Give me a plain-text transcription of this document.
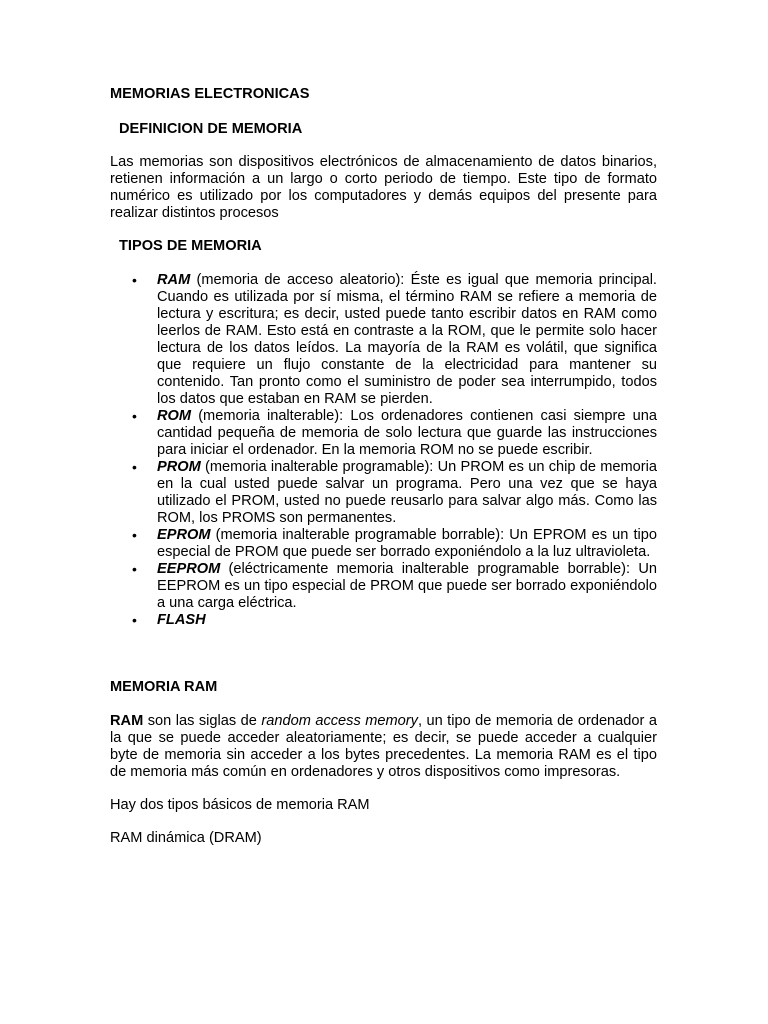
MEMORIAS ELECTRONICAS

DEFINICION DE MEMORIA

Las memorias son dispositivos electrónicos de almacenamiento de datos binarios, retienen información a un largo o corto periodo de tiempo. Este tipo de formato numérico es utilizado por los computadores y demás equipos del presente para realizar distintos procesos

TIPOS DE MEMORIA

• RAM (memoria de acceso aleatorio): Éste es igual que memoria principal. Cuando es utilizada por sí misma, el término RAM se refiere a memoria de lectura y escritura; es decir, usted puede tanto escribir datos en RAM como leerlos de RAM. Esto está en contraste a la ROM, que le permite solo hacer lectura de los datos leídos. La mayoría de la RAM es volátil, que significa que requiere un flujo constante de la electricidad para mantener su contenido. Tan pronto como el suministro de poder sea interrumpido, todos los datos que estaban en RAM se pierden.
• ROM (memoria inalterable): Los ordenadores contienen casi siempre una cantidad pequeña de memoria de solo lectura que guarde las instrucciones para iniciar el ordenador. En la memoria ROM no se puede escribir.
• PROM (memoria inalterable programable): Un PROM es un chip de memoria en la cual usted puede salvar un programa. Pero una vez que se haya utilizado el PROM, usted no puede reusarlo para salvar algo más. Como las ROM, los PROMS son permanentes.
• EPROM (memoria inalterable programable borrable): Un EPROM es un tipo especial de PROM que puede ser borrado exponiéndolo a la luz ultravioleta.
• EEPROM (eléctricamente memoria inalterable programable borrable): Un EEPROM es un tipo especial de PROM que puede ser borrado exponiéndolo a una carga eléctrica.
• FLASH

MEMORIA RAM

RAM son las siglas de random access memory, un tipo de memoria de ordenador a la que se puede acceder aleatoriamente; es decir, se puede acceder a cualquier byte de memoria sin acceder a los bytes precedentes. La memoria RAM es el tipo de memoria más común en ordenadores y otros dispositivos como impresoras.

Hay dos tipos básicos de memoria RAM

RAM dinámica (DRAM)
